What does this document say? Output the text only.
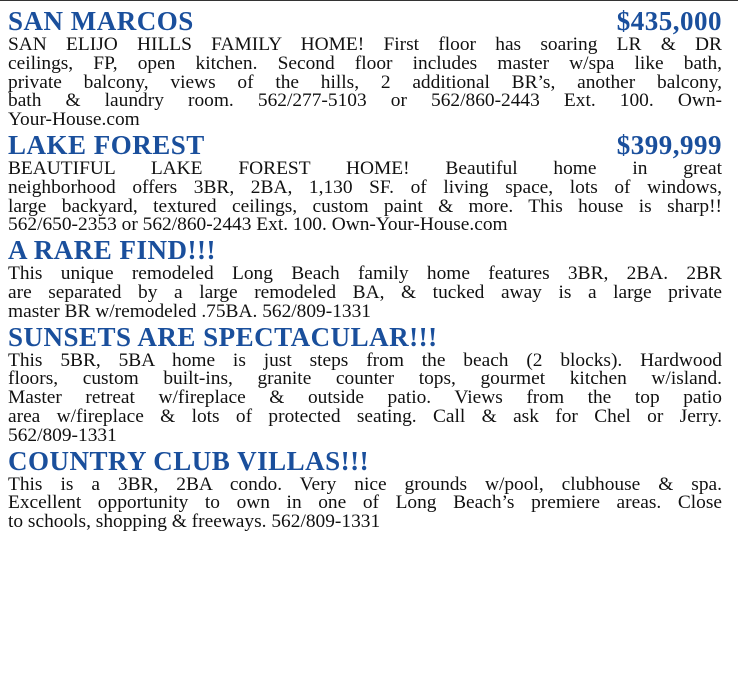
SAN MARCOS	$435,000

SAN ELIJO HILLS FAMILY HOME! First floor has soaring LR & DR
ceilings, FP, open kitchen. Second floor includes master w/spa like bath,
private balcony, views of the hills, 2 additional BR’s, another balcony,
bath & laundry room. 562/277-5103 or 562/860-2443 Ext. 100. Own-
Your-House.com

LAKE FOREST	$399,999

BEAUTIFUL LAKE FOREST HOME! Beautiful home in great
neighborhood offers 3BR, 2BA, 1,130 SF. of living space, lots of windows,
large backyard, textured ceilings, custom paint & more. This house is sharp!!
562/650-2353 or 562/860-2443 Ext. 100. Own-Your-House.com

A RARE FIND!!!

This unique remodeled Long Beach family home features 3BR, 2BA. 2BR
are separated by a large remodeled BA, & tucked away is a large private
master BR w/remodeled .75BA. 562/809-1331

SUNSETS ARE SPECTACULAR!!!

This 5BR, 5BA home is just steps from the beach (2 blocks). Hardwood
floors, custom built-ins, granite counter tops, gourmet kitchen w/island.
Master retreat w/fireplace & outside patio. Views from the top patio
area w/fireplace & lots of protected seating. Call & ask for Chel or Jerry.
562/809-1331

COUNTRY CLUB VILLAS!!!

This is a 3BR, 2BA condo. Very nice grounds w/pool, clubhouse & spa.
Excellent opportunity to own in one of Long Beach’s premiere areas. Close
to schools, shopping & freeways. 562/809-1331
